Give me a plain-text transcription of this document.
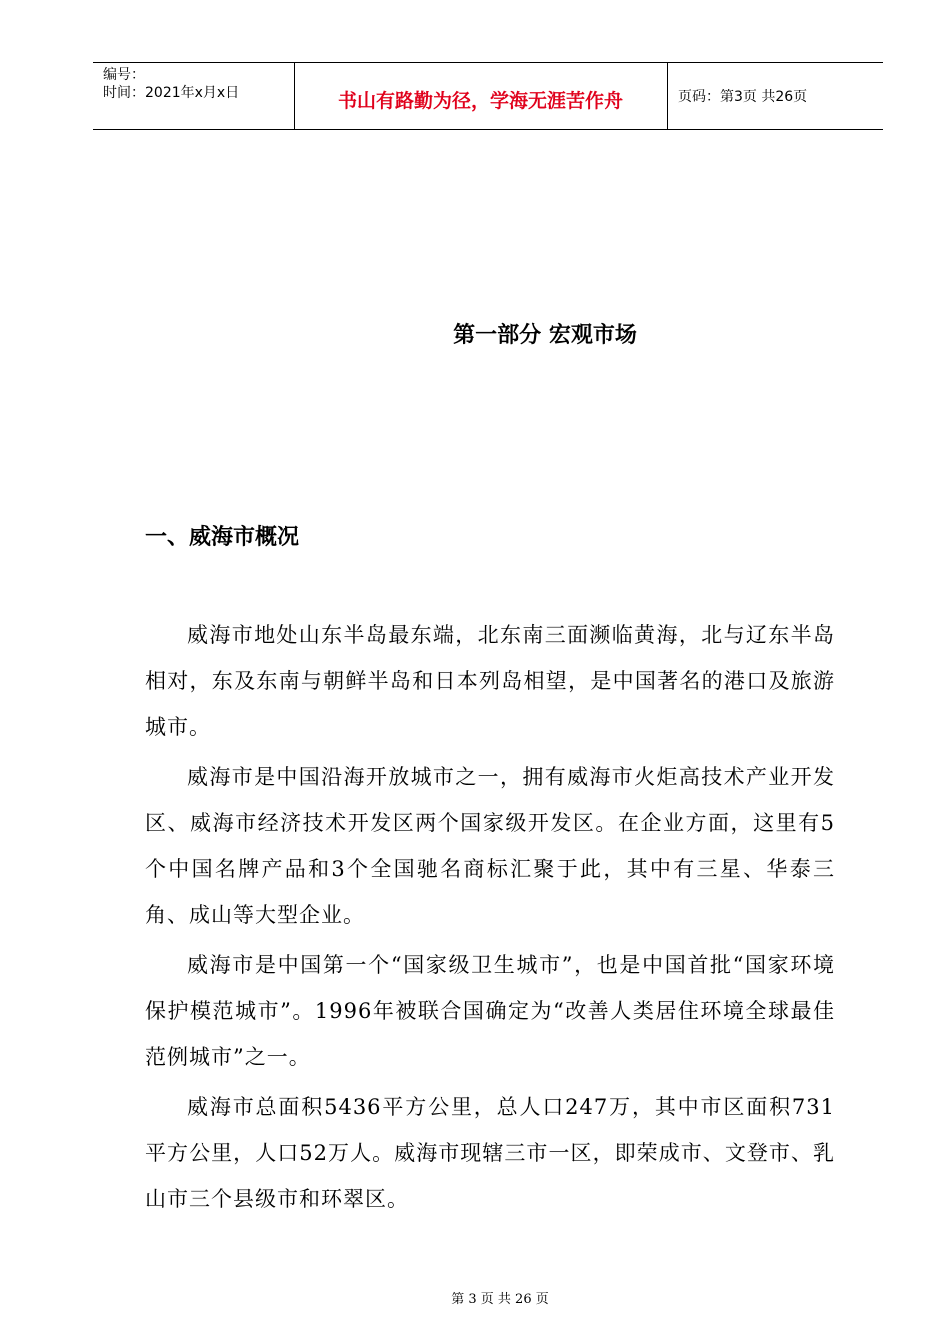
编号：
时间：2021年x月x日	书山有路勤为径，学海无涯苦作舟	页码：第3页 共26页
第一部分 宏观市场
一、威海市概况

威海市地处山东半岛最东端，北东南三面濒临黄海，北与辽东半岛相对，东及东南与朝鲜半岛和日本列岛相望，是中国著名的港口及旅游城市。

威海市是中国沿海开放城市之一，拥有威海市火炬高技术产业开发区、威海市经济技术开发区两个国家级开发区。在企业方面，这里有5个中国名牌产品和3个全国驰名商标汇聚于此，其中有三星、华泰三角、成山等大型企业。

威海市是中国第一个“国家级卫生城市”，也是中国首批“国家环境保护模范城市”。1996年被联合国确定为“改善人类居住环境全球最佳范例城市”之一。

威海市总面积5436平方公里，总人口247万，其中市区面积731平方公里，人口52万人。威海市现辖三市一区，即荣成市、文登市、乳山市三个县级市和环翠区。

第 3 页 共 26 页
